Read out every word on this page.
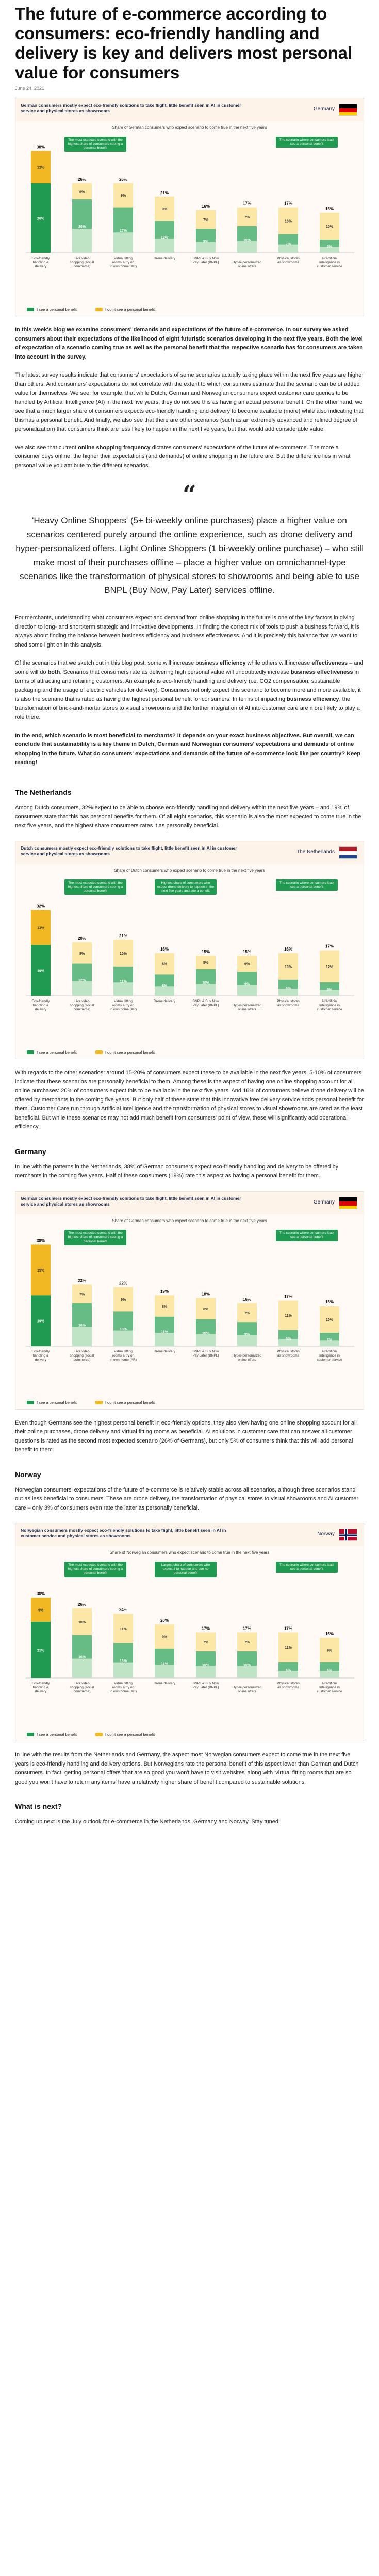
The future of e-commerce according to consumers: eco-friendly handling and delivery is key and delivers most personal value for consumers
June 24, 2021
German consumers mostly expect eco-friendly solutions to take flight, little benefit seen in AI in customer service and physical stores as showrooms	Germany
Share of German consumers who expect scenario to come true in the next five years
26%
12%
38%
Eco-friendly handling & delivery
20%
6%
26%
Live video shopping (social commerce)
17%
9%
26%
Virtual fitting rooms & try on in own home (AR)
12%
9%
21%
Drone delivery
9%
7%
16%
BNPL & Buy Now Pay Later (BNPL)
10%
7%
17%
Hyper-personalized online offers
7%
10%
17%
Physical stores as showrooms
5%
10%
15%
AI/Artificial Intelligence in customer service
The most expected scenario with the highest share of consumers seeing a personal benefit
The scenario where consumers least see a personal benefit
I see a personal benefit	I don't see a personal benefit

In this week's blog we examine consumers' demands and expectations of the future of e-commerce. In our survey we asked consumers about their expectations of the likelihood of eight futuristic scenarios developing in the next five years. Both the level of expectation of a scenario coming true as well as the personal benefit that the respective scenario has for consumers are taken into account in the survey.

The latest survey results indicate that consumers' expectations of some scenarios actually taking place within the next five years are higher than others. And consumers' expectations do not correlate with the extent to which consumers estimate that the scenario can be of added value for themselves. We see, for example, that while Dutch, German and Norwegian consumers expect customer care queries to be handled by Artificial Intelligence (AI) in the next five years, they do not see this as having an actual personal benefit. On the other hand, we see that a much larger share of consumers expects eco-friendly handling and delivery to become available (more) while also indicating that this has a personal benefit. And finally, we also see that there are other scenarios (such as an extremely advanced and refined degree of personalization) that consumers think are less likely to happen in the next five years, but that would add considerable value.

We also see that current online shopping frequency dictates consumers' expectations of the future of e-commerce. The more a consumer buys online, the higher their expectations (and demands) of online shopping in the future are. But the difference lies in what personal value you attribute to the different scenarios.

“
'Heavy Online Shoppers' (5+ bi-weekly online purchases) place a higher value on scenarios centered purely around the online experience, such as drone delivery and hyper-personalized offers. Light Online Shoppers (1 bi-weekly online purchase) – who still make most of their purchases offline – place a higher value on omnichannel-type scenarios like the transformation of physical stores to showrooms and being able to use BNPL (Buy Now, Pay Later) services offline.

For merchants, understanding what consumers expect and demand from online shopping in the future is one of the key factors in giving direction to long- and short-term strategic and innovative developments. In finding the correct mix of tools to push a business forward, it is always about finding the balance between business efficiency and business effectiveness. And it is precisely this balance that we want to shed some light on in this analysis.

Of the scenarios that we sketch out in this blog post, some will increase business efficiency while others will increase effectiveness – and some will do both. Scenarios that consumers rate as delivering high personal value will undoubtedly increase business effectiveness in terms of attracting and retaining customers. An example is eco-friendly handling and delivery (i.e. CO2 compensation, sustainable packaging and the usage of electric vehicles for delivery). Consumers not only expect this scenario to become more and more available, it is also the scenario that is rated as having the highest personal benefit for consumers. In terms of impacting business efficiency, the transformation of brick-and-mortar stores to visual showrooms and the further integration of AI into customer care are more likely to play a role there.

In the end, which scenario is most beneficial to merchants? It depends on your exact business objectives. But overall, we can conclude that sustainability is a key theme in Dutch, German and Norwegian consumers' expectations and demands of online shopping in the future. What do consumers' expectations and demands of the future of e-commerce look like per country? Keep reading!

The Netherlands

Among Dutch consumers, 32% expect to be able to choose eco-friendly handling and delivery within the next five years – and 19% of consumers state that this has personal benefits for them. Of all eight scenarios, this scenario is also the most expected to come true in the next five years, and the highest share consumers rates it as personally beneficial.

Dutch consumers mostly expect eco-friendly solutions to take flight, little benefit seen in AI in customer service and physical stores as showrooms	The Netherlands
Share of Dutch consumers who expect scenario to come true in the next five years
19%
13%
32%
Eco-friendly handling & delivery
12%
8%
20%
Live video shopping (social commerce)
11%
10%
21%
Virtual fitting rooms & try on in own home (AR)
8%
8%
16%
Drone delivery
10%
5%
15%
BNPL & Buy Now Pay Later (BNPL)
9%
6%
15%
Hyper-personalized online offers
6%
10%
16%
Physical stores as showrooms
5%
12%
17%
AI/Artificial Intelligence in customer service
The most expected scenario with the highest share of consumers seeing a personal benefit
Highest share of consumers who expect drone delivery to happen in the next five years and see a benefit
The scenario where consumers least see a personal benefit
I see a personal benefit	I don't see a personal benefit

With regards to the other scenarios: around 15-20% of consumers expect these to be available in the next five years. 5-10% of consumers indicate that these scenarios are personally beneficial to them. Among these is the aspect of having one online shopping account for all online purchases: 20% of consumers expect this to be available in the next five years. And 16% of consumers believe drone delivery will be offered by merchants in the coming five years. But only half of these state that this innovative free delivery service adds personal benefit for them. Customer Care run through Artificial Intelligence and the transformation of physical stores to visual showrooms are rated as the least beneficial. But while these scenarios may not add much benefit from consumers' point of view, these will significantly add operational efficiency.

Germany

In line with the patterns in the Netherlands, 38% of German consumers expect eco-friendly handling and delivery to be offered by merchants in the coming five years. Half of these consumers (19%) rate this aspect as having a personal benefit for them.

German consumers mostly expect eco-friendly solutions to take flight, little benefit seen in AI in customer service and physical stores as showrooms	Germany
Share of German consumers who expect scenario to come true in the next five years
19%
19%
38%
Eco-friendly handling & delivery
16%
7%
23%
Live video shopping (social commerce)
13%
9%
22%
Virtual fitting rooms & try on in own home (AR)
11%
8%
19%
Drone delivery
10%
8%
18%
BNPL & Buy Now Pay Later (BNPL)
9%
7%
16%
Hyper-personalized online offers
6%
11%
17%
Physical stores as showrooms
5%
10%
15%
AI/Artificial Intelligence in customer service
The most expected scenario with the highest share of consumers seeing a personal benefit
The scenario where consumers least see a personal benefit
I see a personal benefit	I don't see a personal benefit

Even though Germans see the highest personal benefit in eco-friendly options, they also view having one online shopping account for all their online purchases, drone delivery and virtual fitting rooms as beneficial. AI solutions in customer care that can answer all customer questions is rated as the second most expected scenario (26% of Germans), but only 5% of consumers think that this will add personal benefit to them.

Norway

Norwegian consumers' expectations of the future of e-commerce is relatively stable across all scenarios, although three scenarios stand out as less beneficial to consumers. These are drone delivery, the transformation of physical stores to visual showrooms and AI customer care – only 3% of consumers even rate the latter as personally beneficial.

Norwegian consumers mostly expect eco-friendly solutions to take flight, little benefit seen in AI in customer service and physical stores as showrooms	Norway
Share of Norwegian consumers who expect scenario to come true in the next five years
21%
9%
30%
Eco-friendly handling & delivery
16%
10%
26%
Live video shopping (social commerce)
13%
11%
24%
Virtual fitting rooms & try on in own home (AR)
11%
9%
20%
Drone delivery
10%
7%
17%
BNPL & Buy Now Pay Later (BNPL)
10%
7%
17%
Hyper-personalized online offers
6%
11%
17%
Physical stores as showrooms
6%
9%
15%
AI/Artificial Intelligence in customer service
The most expected scenario with the highest share of consumers seeing a personal benefit
Largest share of consumers who expect it to happen and see no personal benefit
The scenario where consumers least see a personal benefit
I see a personal benefit	I don't see a personal benefit

In line with the results from the Netherlands and Germany, the aspect most Norwegian consumers expect to come true in the next five years is eco-friendly handling and delivery options. But Norwegians rate the personal benefit of this aspect lower than German and Dutch consumers. In fact, getting personal offers 'that are so good you won't have to visit websites' along with 'virtual fitting rooms that are so good you won't have to return any items' have a relatively higher share of benefit compared to sustainable solutions.

What is next?

Coming up next is the July outlook for e-commerce in the Netherlands, Germany and Norway. Stay tuned!
